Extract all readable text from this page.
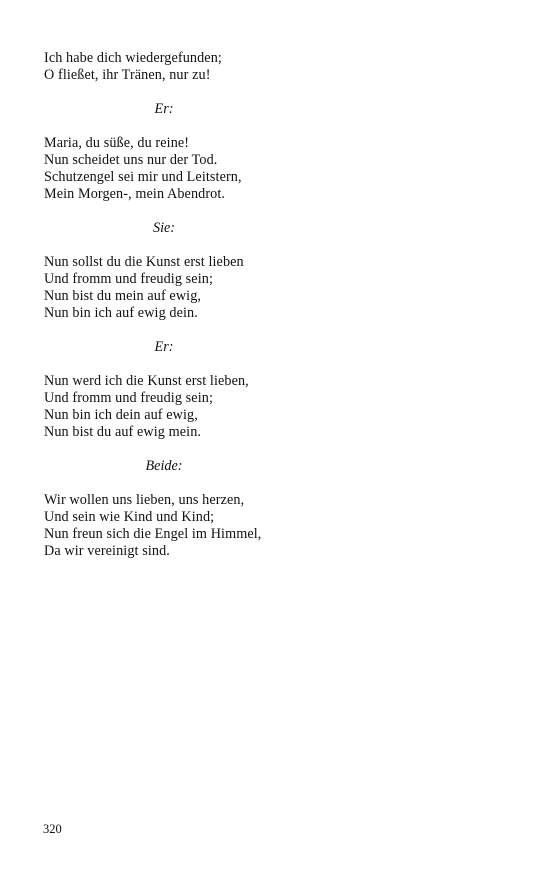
Ich habe dich wiedergefunden;
O fließet, ihr Tränen, nur zu!
Er:
Maria, du süße, du reine!
Nun scheidet uns nur der Tod.
Schutzengel sei mir und Leitstern,
Mein Morgen-, mein Abendrot.
Sie:
Nun sollst du die Kunst erst lieben
Und fromm und freudig sein;
Nun bist du mein auf ewig,
Nun bin ich auf ewig dein.
Er:
Nun werd ich die Kunst erst lieben,
Und fromm und freudig sein;
Nun bin ich dein auf ewig,
Nun bist du auf ewig mein.
Beide:
Wir wollen uns lieben, uns herzen,
Und sein wie Kind und Kind;
Nun freun sich die Engel im Himmel,
Da wir vereinigt sind.
320
